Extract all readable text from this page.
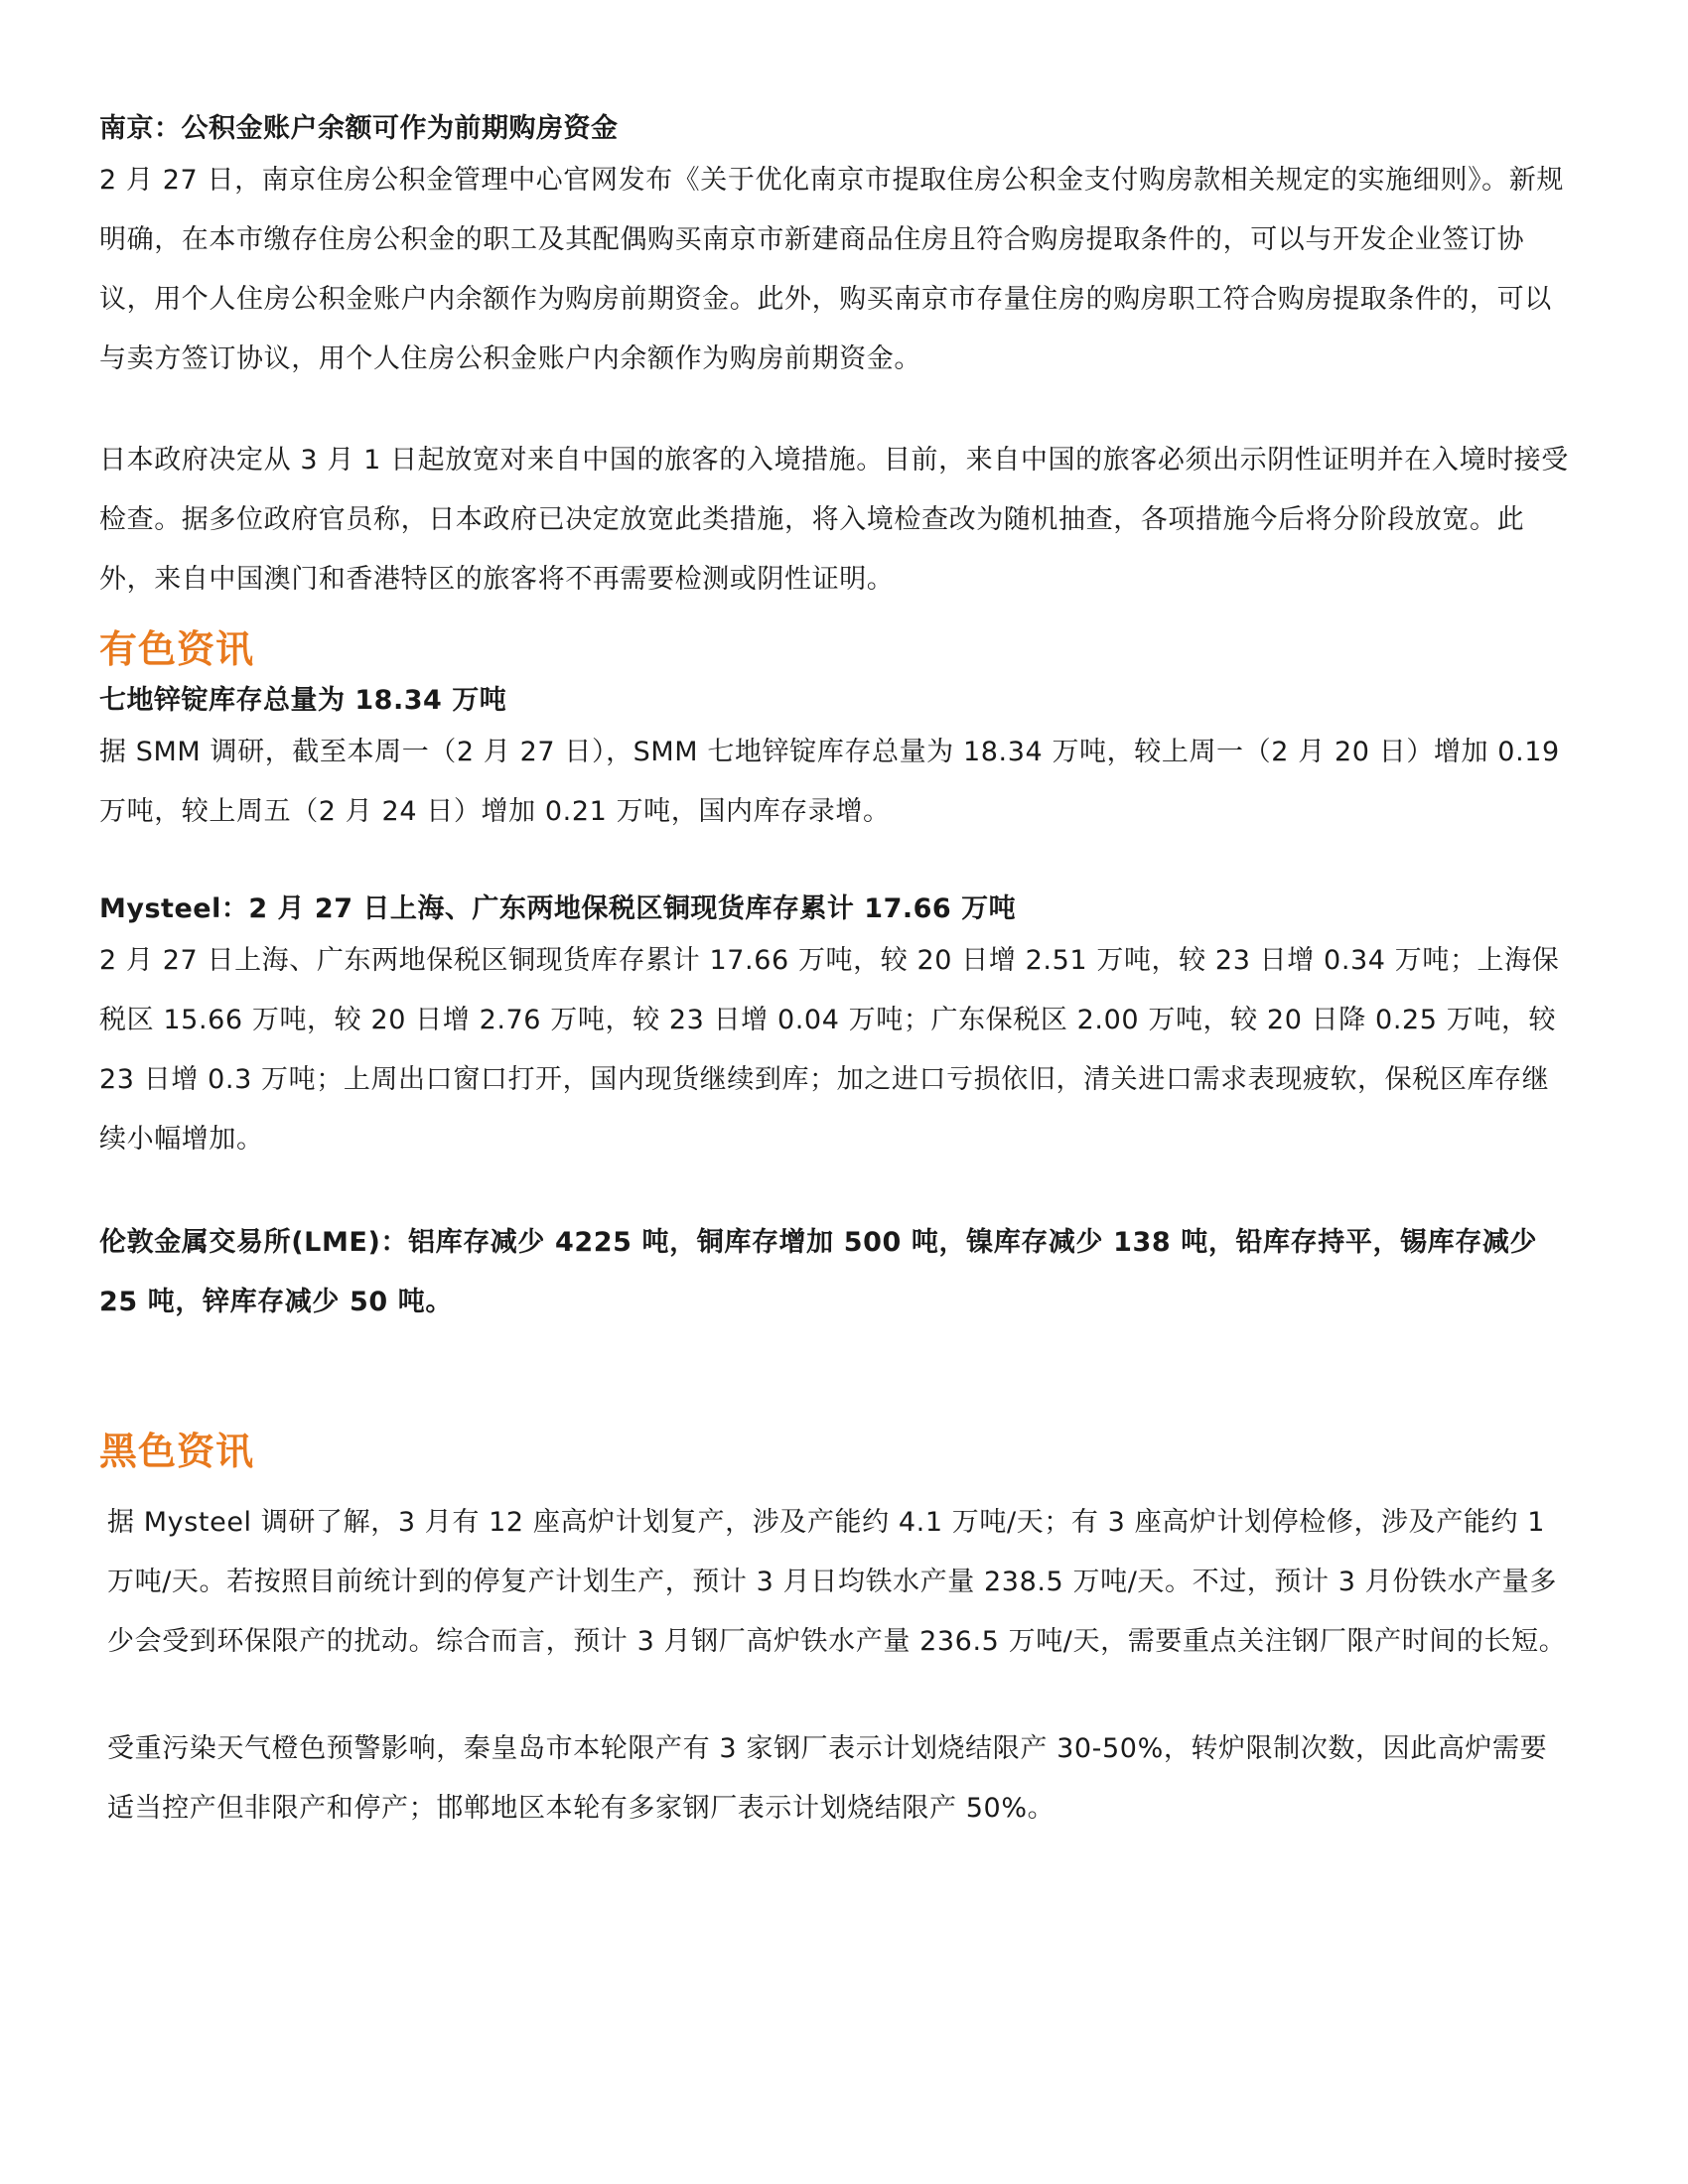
南京：公积金账户余额可作为前期购房资金

2 月 27 日，南京住房公积金管理中心官网发布《关于优化南京市提取住房公积金支付购房款相关规定的实施细则》。新规明确，在本市缴存住房公积金的职工及其配偶购买南京市新建商品住房且符合购房提取条件的，可以与开发企业签订协议，用个人住房公积金账户内余额作为购房前期资金。此外，购买南京市存量住房的购房职工符合购房提取条件的，可以与卖方签订协议，用个人住房公积金账户内余额作为购房前期资金。

日本政府决定从 3 月 1 日起放宽对来自中国的旅客的入境措施。目前，来自中国的旅客必须出示阴性证明并在入境时接受检查。据多位政府官员称，日本政府已决定放宽此类措施，将入境检查改为随机抽查，各项措施今后将分阶段放宽。此外，来自中国澳门和香港特区的旅客将不再需要检测或阴性证明。

有色资讯

七地锌锭库存总量为 18.34 万吨

据 SMM 调研，截至本周一（2 月 27 日），SMM 七地锌锭库存总量为 18.34 万吨，较上周一（2 月 20 日）增加 0.19 万吨，较上周五（2 月 24 日）增加 0.21 万吨，国内库存录增。

Mysteel：2 月 27 日上海、广东两地保税区铜现货库存累计 17.66 万吨

2 月 27 日上海、广东两地保税区铜现货库存累计 17.66 万吨，较 20 日增 2.51 万吨，较 23 日增 0.34 万吨；上海保税区 15.66 万吨，较 20 日增 2.76 万吨，较 23 日增 0.04 万吨；广东保税区 2.00 万吨，较 20 日降 0.25 万吨，较 23 日增 0.3 万吨；上周出口窗口打开，国内现货继续到库；加之进口亏损依旧，清关进口需求表现疲软，保税区库存继续小幅增加。

伦敦金属交易所(LME)：铝库存减少 4225 吨，铜库存增加 500 吨，镍库存减少 138 吨，铅库存持平，锡库存减少 25 吨，锌库存减少 50 吨。

黑色资讯

据 Mysteel 调研了解，3 月有 12 座高炉计划复产，涉及产能约 4.1 万吨/天；有 3 座高炉计划停检修，涉及产能约 1 万吨/天。若按照目前统计到的停复产计划生产，预计 3 月日均铁水产量 238.5 万吨/天。不过，预计 3 月份铁水产量多少会受到环保限产的扰动。综合而言，预计 3 月钢厂高炉铁水产量 236.5 万吨/天，需要重点关注钢厂限产时间的长短。

受重污染天气橙色预警影响，秦皇岛市本轮限产有 3 家钢厂表示计划烧结限产 30-50%，转炉限制次数，因此高炉需要适当控产但非限产和停产；邯郸地区本轮有多家钢厂表示计划烧结限产 50%。
